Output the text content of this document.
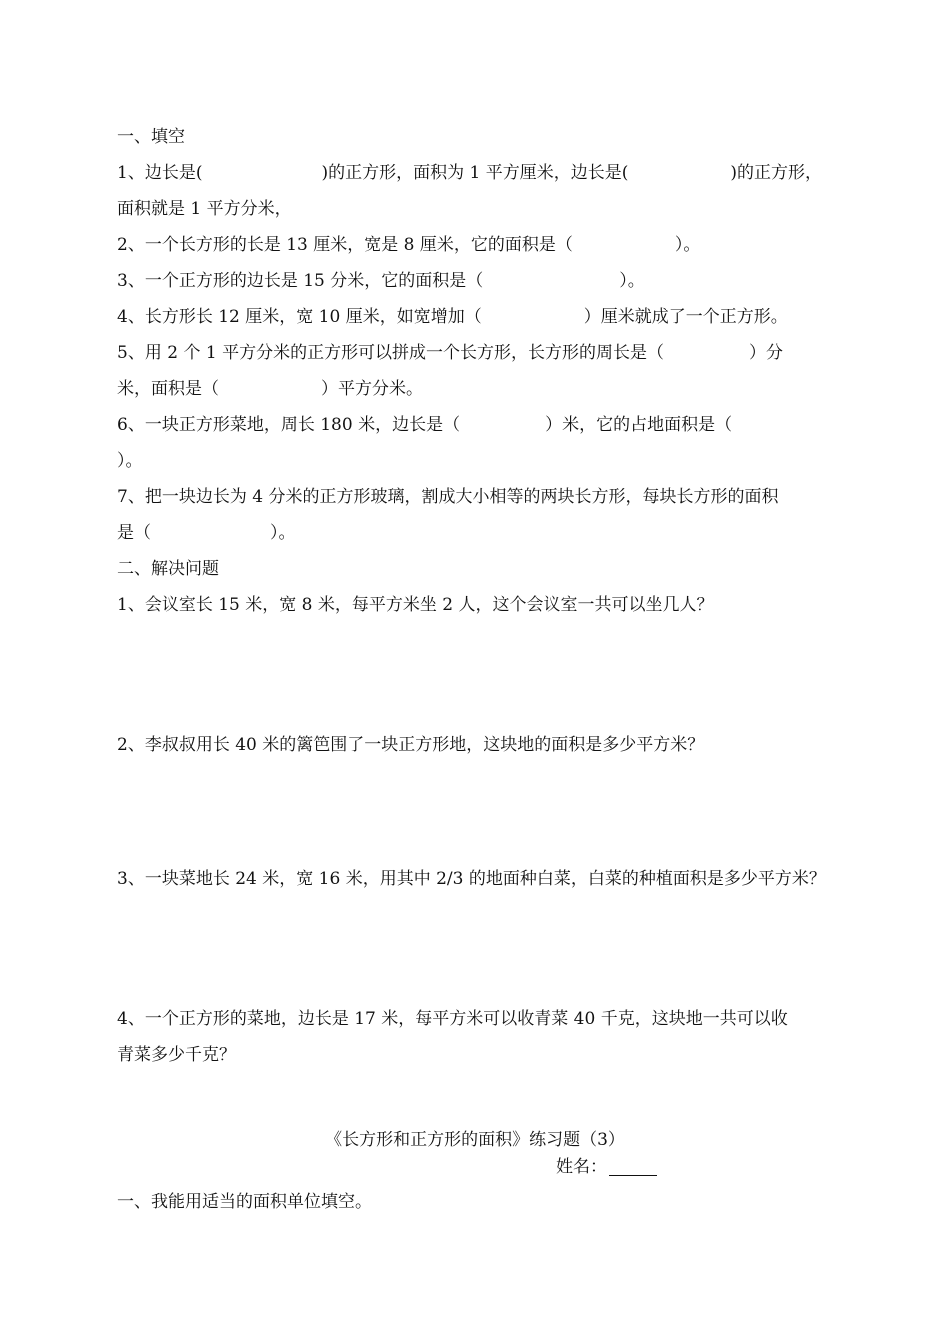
一、填空
1、边长是(　　　　　　　)的正方形，面积为 1 平方厘米，边长是(　　　　　　)的正方形，
面积就是 1 平方分米，
2、一个长方形的长是 13 厘米，宽是 8 厘米，它的面积是（　　　　　　）。
3、一个正方形的边长是 15 分米，它的面积是（　　　　　　　　）。
4、长方形长 12 厘米，宽 10 厘米，如宽增加（　　　　　　）厘米就成了一个正方形。
5、用 2 个 1 平方分米的正方形可以拼成一个长方形，长方形的周长是（　　　　　）分
米，面积是（　　　　　　）平方分米。
6、一块正方形菜地，周长 180 米，边长是（　　　　　）米，它的占地面积是（
）。
7、把一块边长为 4 分米的正方形玻璃，割成大小相等的两块长方形，每块长方形的面积
是（　　　　　　　）。
二、解决问题
1、会议室长 15 米，宽 8 米，每平方米坐 2 人，这个会议室一共可以坐几人？
2、李叔叔用长 40 米的篱笆围了一块正方形地，这块地的面积是多少平方米？
3、一块菜地长 24 米，宽 16 米，用其中 2/3 的地面种白菜，白菜的种植面积是多少平方米？
4、一个正方形的菜地，边长是 17 米，每平方米可以收青菜 40 千克，这块地一共可以收
青菜多少千克？
《长方形和正方形的面积》练习题（3）
姓名：
一、我能用适当的面积单位填空。
